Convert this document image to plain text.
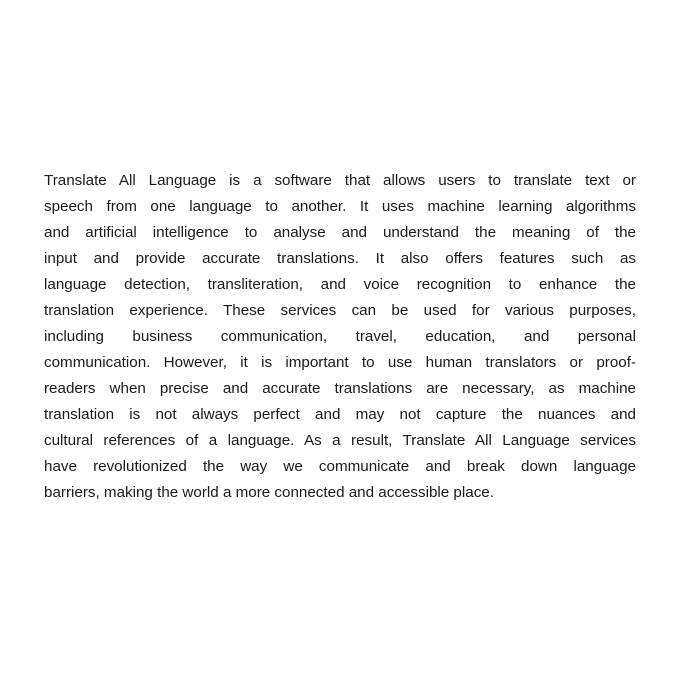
Translate All Language is a software that allows users to translate text or
speech from one language to another. It uses machine learning algorithms
and artificial intelligence to analyse and understand the meaning of the
input and provide accurate translations. It also offers features such as
language detection, transliteration, and voice recognition to enhance the
translation experience. These services can be used for various purposes,
including business communication, travel, education, and personal
communication. However, it is important to use human translators or proof-
readers when precise and accurate translations are necessary, as machine
translation is not always perfect and may not capture the nuances and
cultural references of a language. As a result, Translate All Language services
have revolutionized the way we communicate and break down language
barriers, making the world a more connected and accessible place.
